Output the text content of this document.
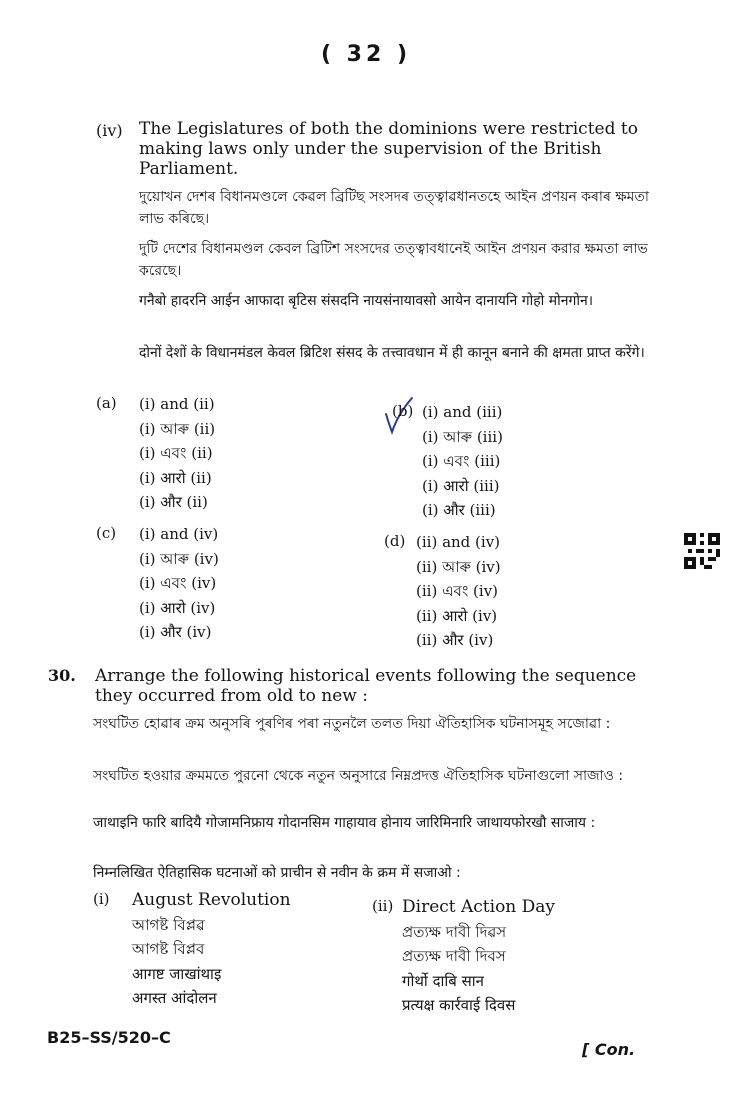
( 32 )
(iv) The Legislatures of both the dominions were restricted to making laws only under the supervision of the British Parliament.
দুয়োখন দেশৰ বিধানমণ্ডলে কেৱল ব্ৰিটিছ সংসদৰ তত্ত্বাৱধানতহে আইন প্ৰণয়ন কৰাৰ ক্ষমতা লাভ কৰিছে।
দুটি দেশের বিধানমণ্ডল কেবল ব্রিটিশ সংসদের তত্ত্বাবধানেই আইন প্রণয়ন করার ক্ষমতা লাভ করেছে।
गनैबो हादरनि आईन आफादा बृटिस संसदनि नायसंनायावसो आयेन दानायनि गोहो मोनगोन।
दोनों देशों के विधानमंडल केवल ब्रिटिश संसद के तत्त्वावधान में ही कानून बनाने की क्षमता प्राप्त करेंगे।
(a) (i) and (ii)
(i) আৰু (ii)
(i) এবং (ii)
(i) आरो (ii)
(i) और (ii)
(b) (i) and (iii)
(i) আৰু (iii)
(i) এবং (iii)
(i) आरो (iii)
(i) और (iii)
(c) (i) and (iv)
(i) আৰু (iv)
(i) এবং (iv)
(i) आरो (iv)
(i) और (iv)
(d) (ii) and (iv)
(ii) আৰু (iv)
(ii) এবং (iv)
(ii) आरो (iv)
(ii) और (iv)
30. Arrange the following historical events following the sequence they occurred from old to new :
সংঘটিত হোৱাৰ ক্ৰম অনুসৰি পুৰণিৰ পৰা নতুনলৈ তলত দিয়া ঐতিহাসিক ঘটনাসমূহ সজোৱা :
সংঘটিত হওয়ার ক্রমমতে পুরনো থেকে নতুন অনুসারে নিম্নপ্রদত্ত ঐতিহাসিক ঘটনাগুলো সাজাও :
जाथाइनि फारि बादियै गोजामनिफ्राय गोदानसिम गाहायाव होनाय जारिमिनारि जाथायफोरखौ साजाय :
निम्नलिखित ऐतिहासिक घटनाओं को प्राचीन से नवीन के क्रम में सजाओ :
(i) August Revolution
আগষ্ট বিপ্লৱ
আগষ্ট বিপ্লব
आगष्ट जाखांथाइ
अगस्त आंदोलन
(ii) Direct Action Day
প্ৰত্যক্ষ দাবী দিৱস
প্রত্যক্ষ দাবী দিবস
गोर्थो दाबि सान
प्रत्यक्ष कार्रवाई दिवस
B25–SS/520–C
[ Con.
